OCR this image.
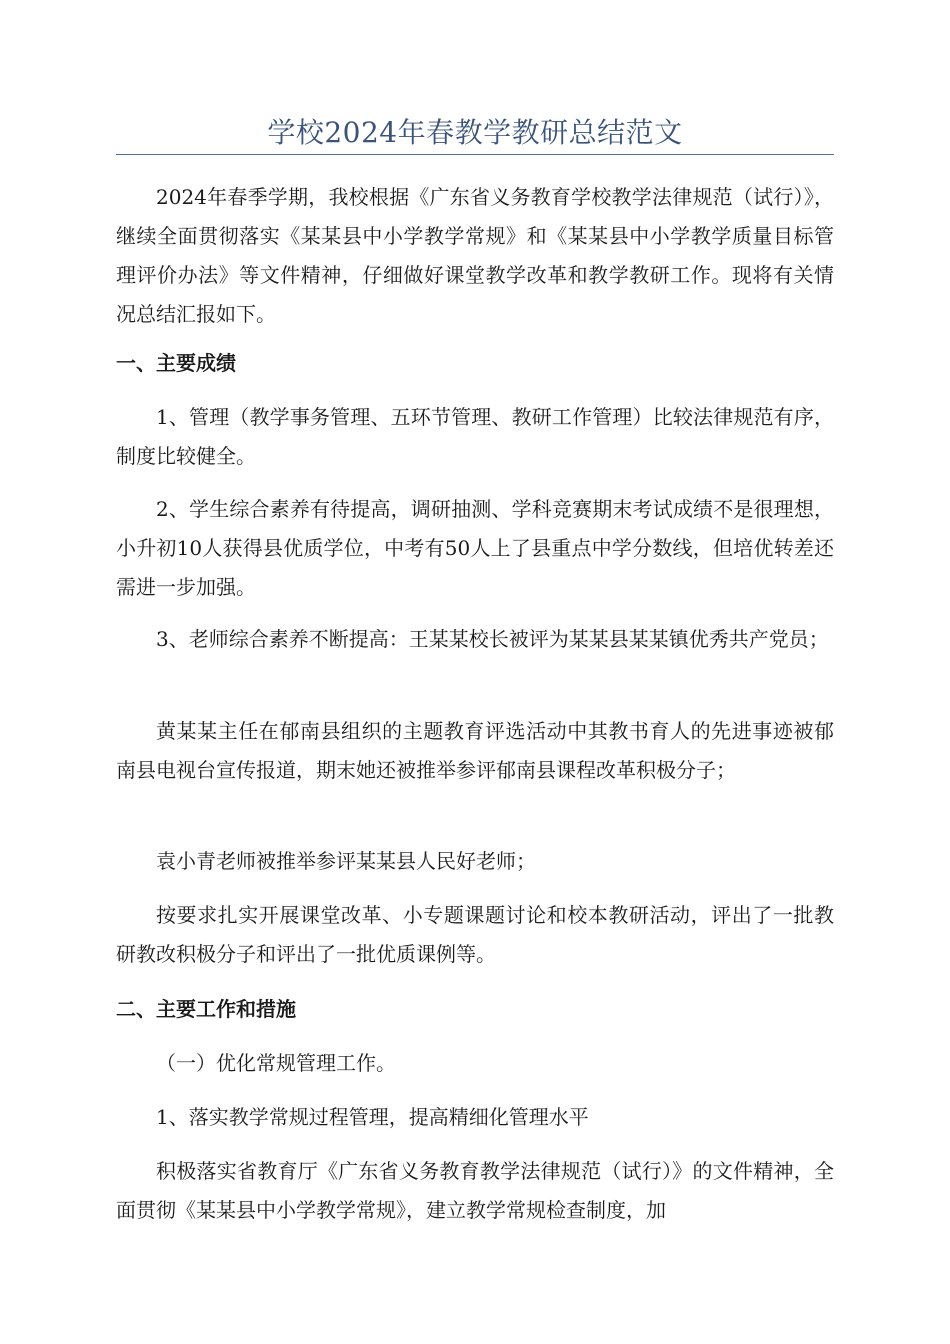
学校2024年春教学教研总结范文

2024年春季学期，我校根据《广东省义务教育学校教学法律规范（试行）》，继续全面贯彻落实《某某县中小学教学常规》和《某某县中小学教学质量目标管理评价办法》等文件精神，仔细做好课堂教学改革和教学教研工作。现将有关情况总结汇报如下。

一、主要成绩

1、管理（教学事务管理、五环节管理、教研工作管理）比较法律规范有序，制度比较健全。

2、学生综合素养有待提高，调研抽测、学科竞赛期末考试成绩不是很理想，小升初10人获得县优质学位，中考有50人上了县重点中学分数线，但培优转差还需进一步加强。

3、老师综合素养不断提高：王某某校长被评为某某县某某镇优秀共产党员；

黄某某主任在郁南县组织的主题教育评选活动中其教书育人的先进事迹被郁南县电视台宣传报道，期末她还被推举参评郁南县课程改革积极分子；

袁小青老师被推举参评某某县人民好老师；

按要求扎实开展课堂改革、小专题课题讨论和校本教研活动，评出了一批教研教改积极分子和评出了一批优质课例等。

二、主要工作和措施

（一）优化常规管理工作。

1、落实教学常规过程管理，提高精细化管理水平

积极落实省教育厅《广东省义务教育教学法律规范（试行）》的文件精神，全面贯彻《某某县中小学教学常规》，建立教学常规检查制度，加
